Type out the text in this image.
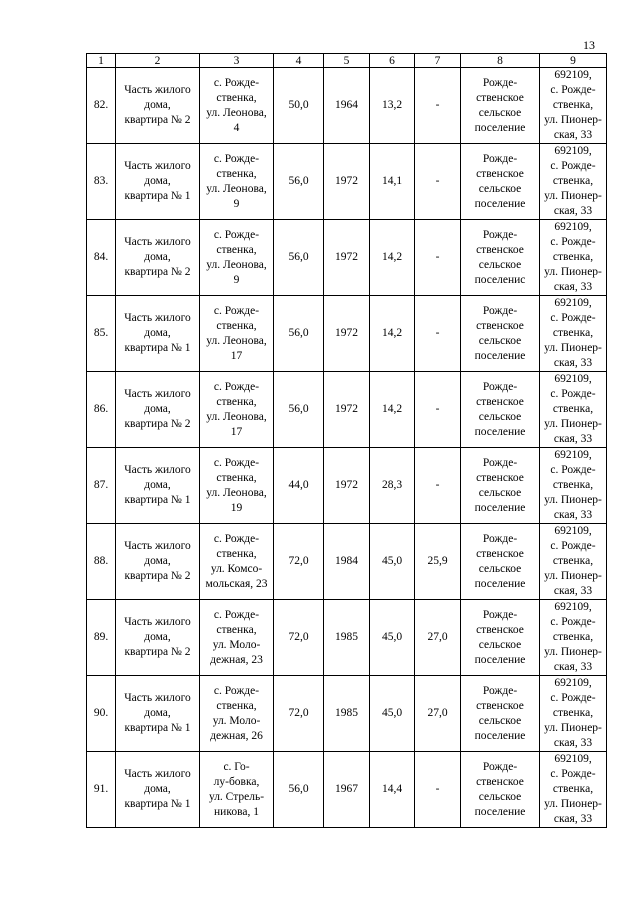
13
1	2	3	4	5	6	7	8	9

82.	Часть жилого
дома,
квартира № 2	с. Рожде-
ственка,
ул. Леонова,
4	50,0	1964	13,2	-	Рожде-
ственское
сельское
поселение	692109,
с. Рожде-
ственка,
ул. Пионер-
ская, 33

83.	Часть жилого
дома,
квартира № 1	с. Рожде-
ственка,
ул. Леонова,
9	56,0	1972	14,1	-	Рожде-
ственское
сельское
поселение	692109,
с. Рожде-
ственка,
ул. Пионер-
ская, 33

84.	Часть жилого
дома,
квартира № 2	с. Рожде-
ственка,
ул. Леонова,
9	56,0	1972	14,2	-	Рожде-
ственское
сельское
поселенис	692109,
с. Рожде-
ственка,
ул. Пионер-
ская, 33

85.	Часть жилого
дома,
квартира № 1	с. Рожде-
ственка,
ул. Леонова,
17	56,0	1972	14,2	-	Рожде-
ственское
сельское
поселение	692109,
с. Рожде-
ственка,
ул. Пионер-
ская, 33

86.	Часть жилого
дома,
квартира № 2	с. Рожде-
ственка,
ул. Леонова,
17	56,0	1972	14,2	-	Рожде-
ственское
сельское
поселение	692109,
с. Рожде-
ственка,
ул. Пионер-
ская, 33

87.	Часть жилого
дома,
квартира № 1	с. Рожде-
ственка,
ул. Леонова,
19	44,0	1972	28,3	-	Рожде-
ственское
сельское
поселение	692109,
с. Рожде-
ственка,
ул. Пионер-
ская, 33

88.	Часть жилого
дома,
квартира № 2	с. Рожде-
ственка,
ул. Комсо-
мольская, 23	72,0	1984	45,0	25,9	Рожде-
ственское
сельское
поселение	692109,
с. Рожде-
ственка,
ул. Пионер-
ская, 33

89.	Часть жилого
дома,
квартира № 2	с. Рожде-
ственка,
ул. Моло-
дежная, 23	72,0	1985	45,0	27,0	Рожде-
ственское
сельское
поселение	692109,
с. Рожде-
ственка,
ул. Пионер-
ская, 33

90.	Часть жилого
дома,
квартира № 1	с. Рожде-
ственка,
ул. Моло-
дежная, 26	72,0	1985	45,0	27,0	Рожде-
ственское
сельское
поселение	692109,
с. Рожде-
ственка,
ул. Пионер-
ская, 33

91.	Часть жилого
дома,
квартира № 1	с. Го-
лу-бовка,
ул. Стрель-
никова, 1	56,0	1967	14,4	-	Рожде-
ственское
сельское
поселение	692109,
с. Рожде-
ственка,
ул. Пионер-
ская, 33
